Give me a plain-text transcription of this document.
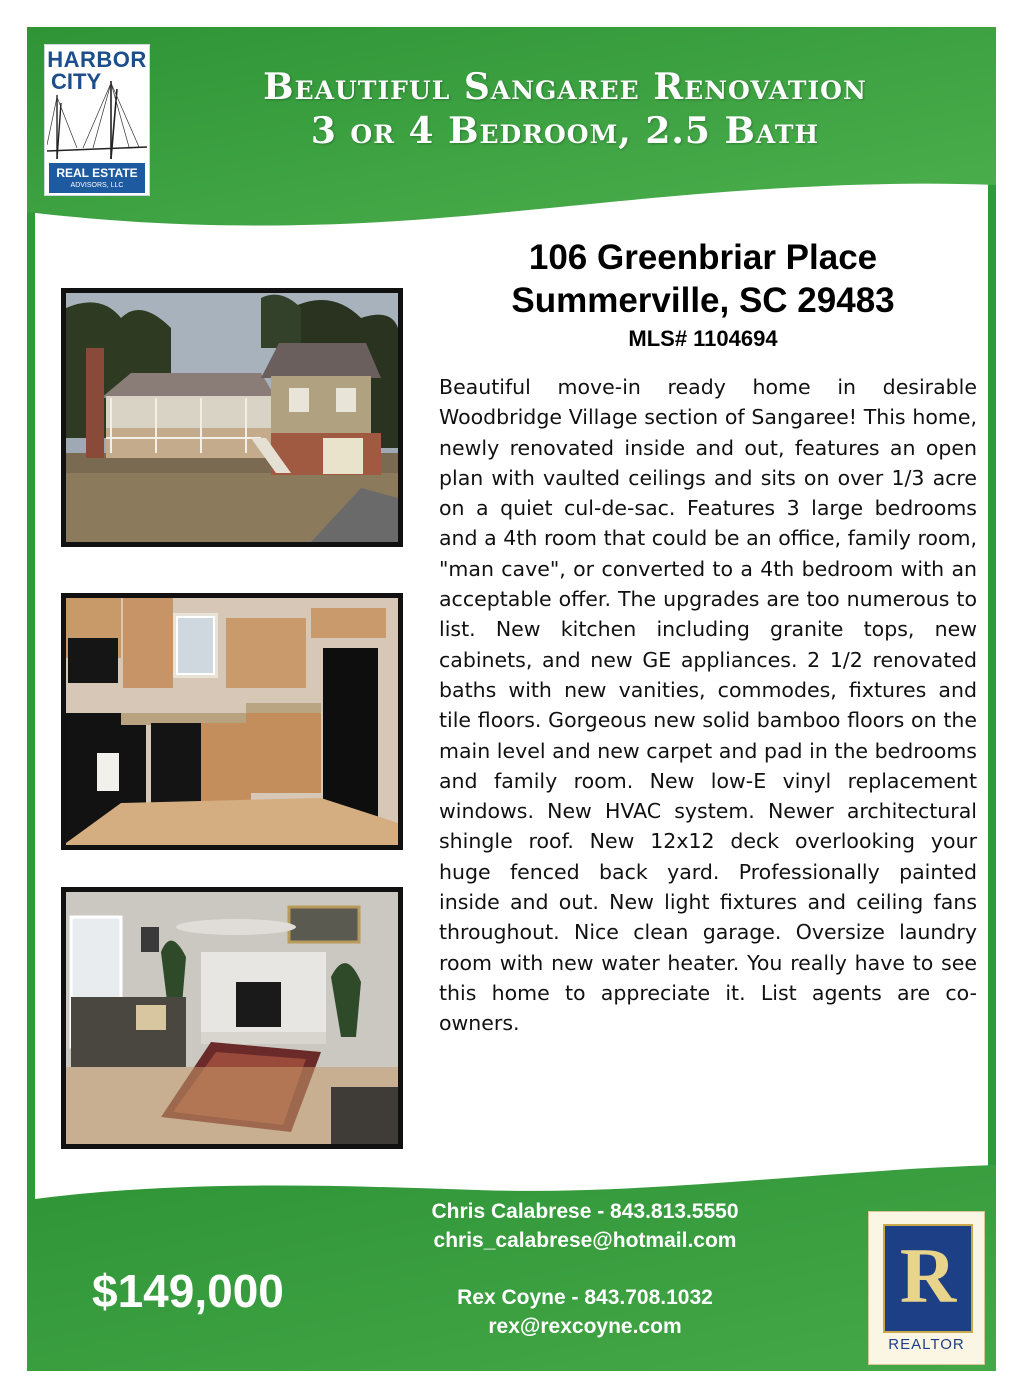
HARBOR
CITY
REAL ESTATE
ADVISORS, LLC
Beautiful Sangaree Renovation
3 or 4 Bedroom, 2.5 Bath
106 Greenbriar Place
Summerville, SC 29483
MLS# 1104694

Beautiful move-in ready home in desirable Woodbridge Village section of Sangaree! This home, newly renovated inside and out, features an open plan with vaulted ceilings and sits on over 1/3 acre on a quiet cul-de-sac. Features 3 large bedrooms and a 4th room that could be an office, family room, "man cave", or converted to a 4th bedroom with an acceptable offer. The upgrades are too numerous to list. New kitchen including granite tops, new cabinets, and new GE appliances. 2 1/2 renovated baths with new vanities, commodes, fixtures and tile floors. Gorgeous new solid bamboo floors on the main level and new carpet and pad in the bedrooms and family room. New low-E vinyl replacement windows. New HVAC system. Newer architectural shingle roof. New 12x12 deck overlooking your huge fenced back yard. Professionally painted inside and out. New light fixtures and ceiling fans throughout. Nice clean garage. Oversize laundry room with new water heater. You really have to see this home to appreciate it. List agents are co-owners.

Chris Calabrese - 843.813.5550
chris_calabrese@hotmail.com
Rex Coyne - 843.708.1032
rex@rexcoyne.com
$149,000	R
REALTOR
